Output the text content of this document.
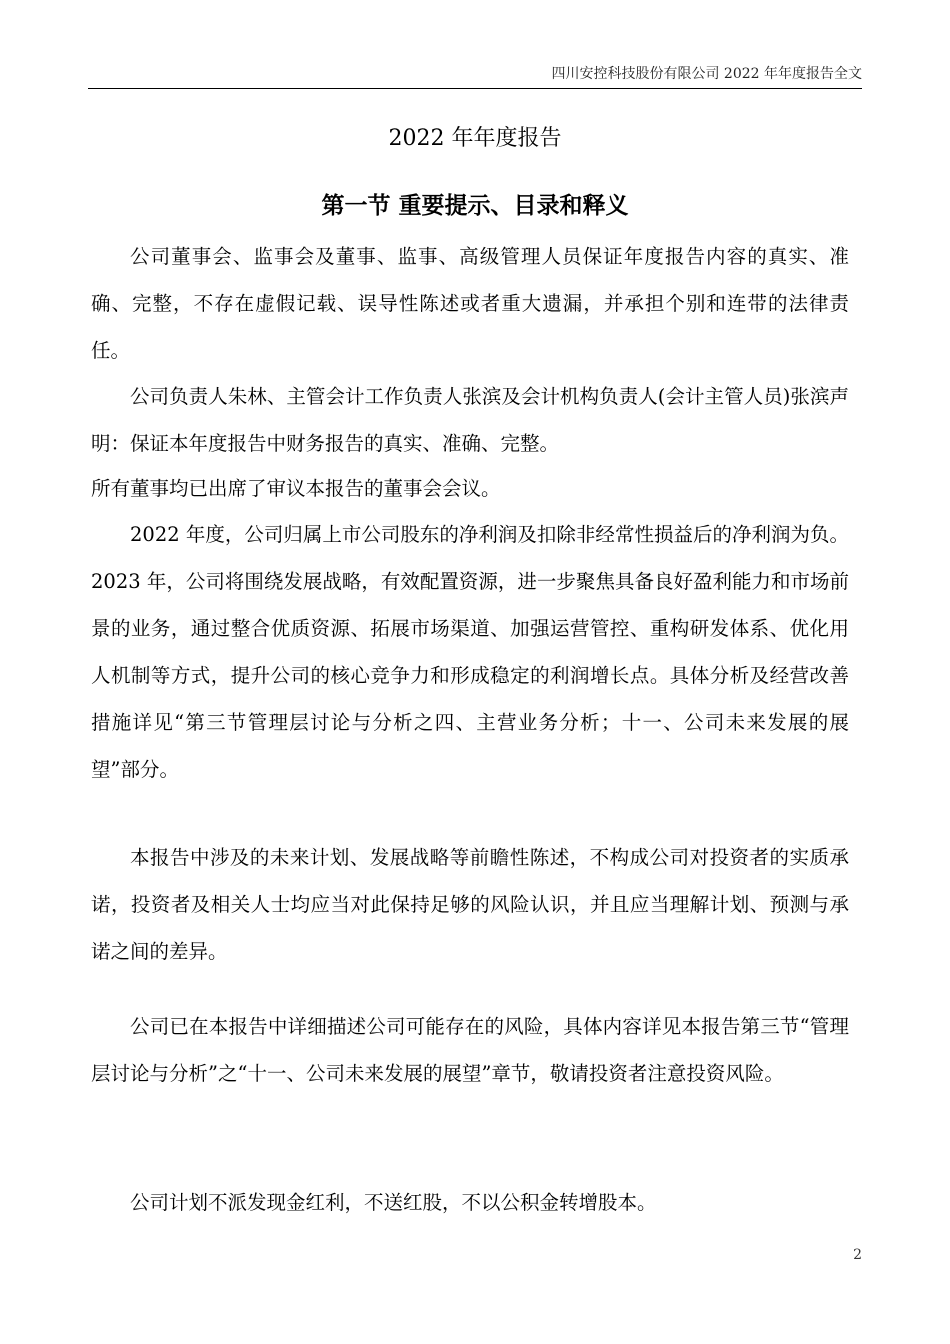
四川安控科技股份有限公司 2022 年年度报告全文
2022 年年度报告
第一节 重要提示、目录和释义

公司董事会、监事会及董事、监事、高级管理人员保证年度报告内容的真实、准确、完整，不存在虚假记载、误导性陈述或者重大遗漏，并承担个别和连带的法律责任。

公司负责人朱林、主管会计工作负责人张滨及会计机构负责人(会计主管人员)张滨声明：保证本年度报告中财务报告的真实、准确、完整。

所有董事均已出席了审议本报告的董事会会议。

2022 年度，公司归属上市公司股东的净利润及扣除非经常性损益后的净利润为负。2023 年，公司将围绕发展战略，有效配置资源，进一步聚焦具备良好盈利能力和市场前景的业务，通过整合优质资源、拓展市场渠道、加强运营管控、重构研发体系、优化用人机制等方式，提升公司的核心竞争力和形成稳定的利润增长点。具体分析及经营改善措施详见“第三节管理层讨论与分析之四、主营业务分析；十一、公司未来发展的展望”部分。

本报告中涉及的未来计划、发展战略等前瞻性陈述，不构成公司对投资者的实质承诺，投资者及相关人士均应当对此保持足够的风险认识，并且应当理解计划、预测与承诺之间的差异。

公司已在本报告中详细描述公司可能存在的风险，具体内容详见本报告第三节“管理层讨论与分析”之“十一、公司未来发展的展望”章节，敬请投资者注意投资风险。

公司计划不派发现金红利，不送红股，不以公积金转增股本。

2
